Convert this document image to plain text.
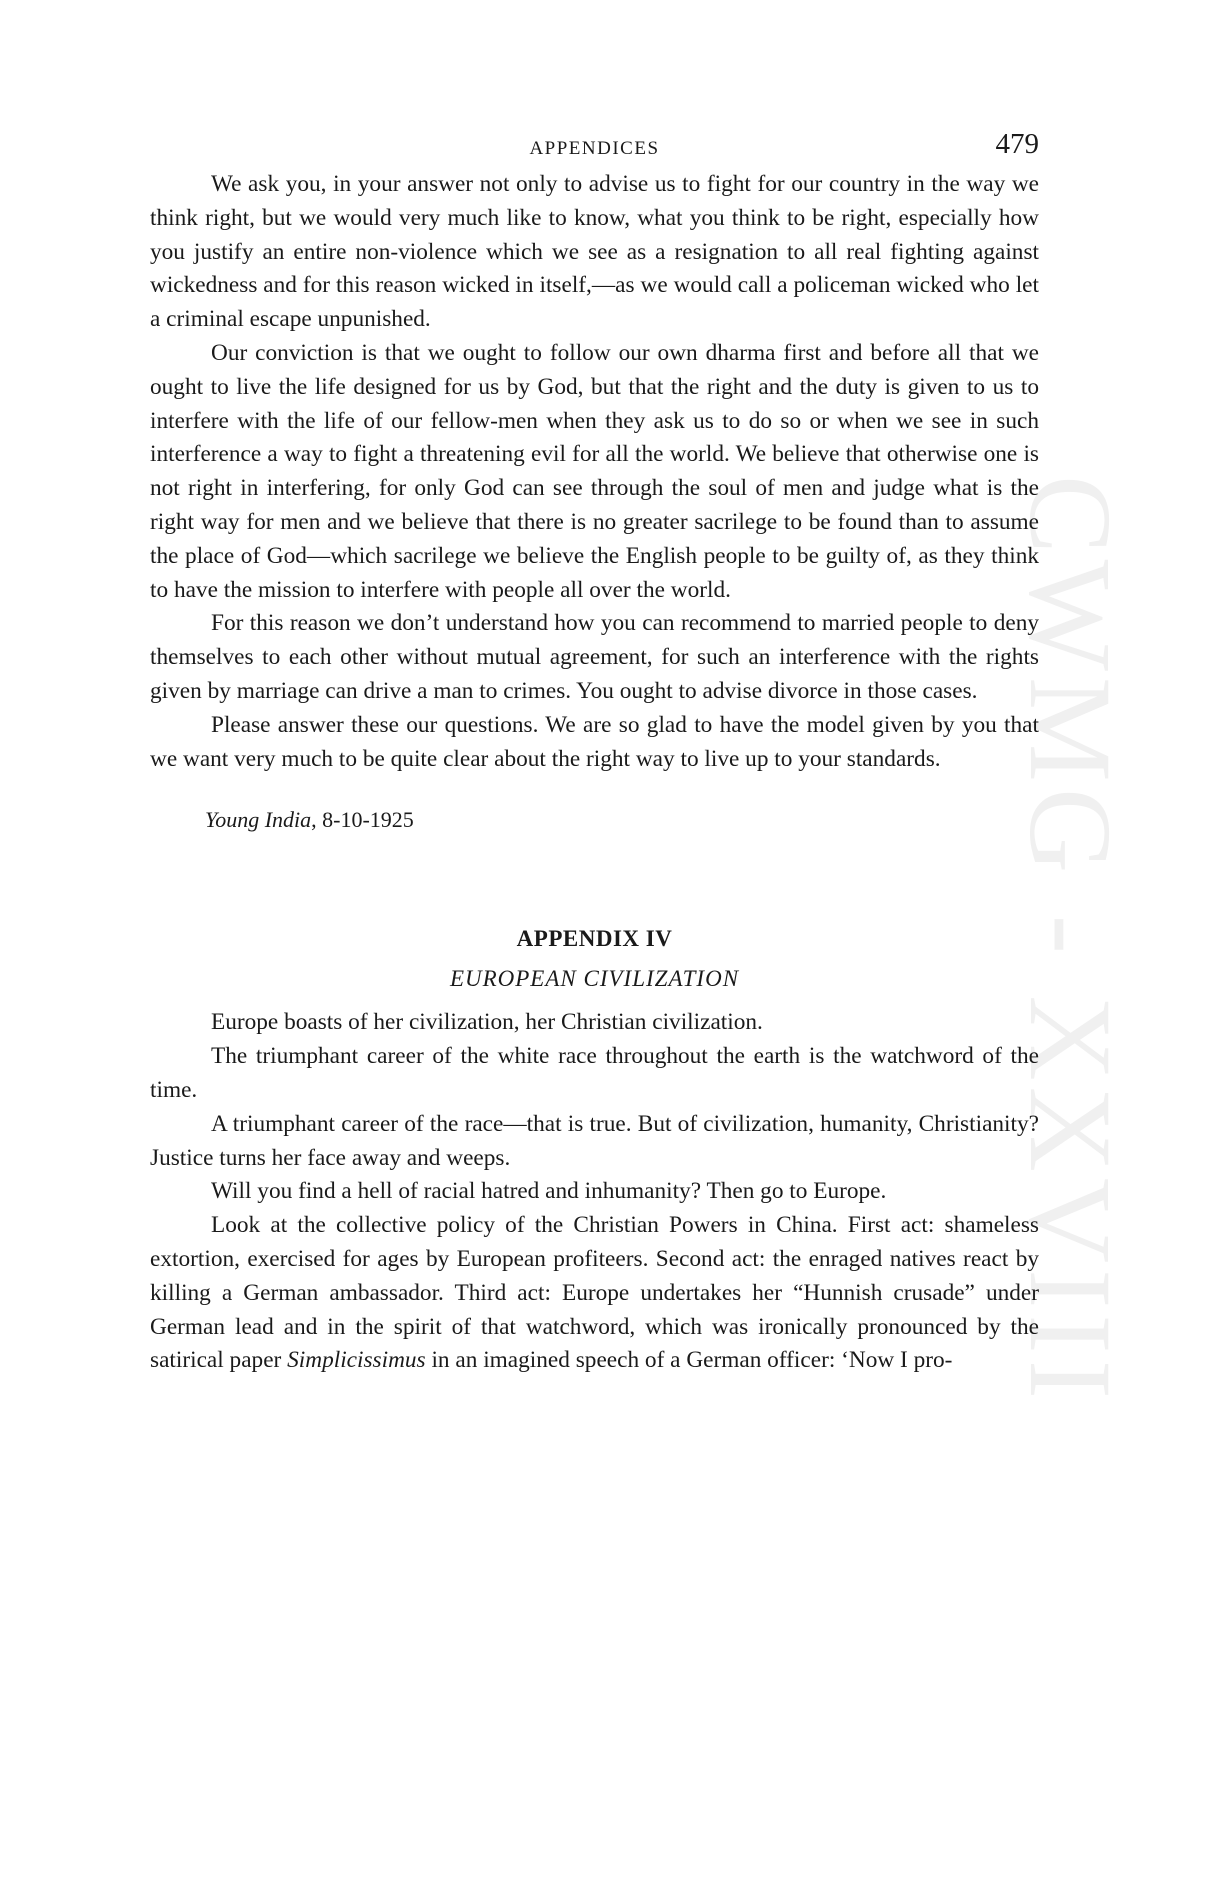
CWMG - XXVIII
APPENDICES	479

We ask you, in your answer not only to advise us to fight for our country in the way we think right, but we would very much like to know, what you think to be right, especially how you justify an entire non-violence which we see as a resignation to all real fighting against wickedness and for this reason wicked in itself,—as we would call a policeman wicked who let a criminal escape unpunished.

Our conviction is that we ought to follow our own dharma first and before all that we ought to live the life designed for us by God, but that the right and the duty is given to us to interfere with the life of our fellow-men when they ask us to do so or when we see in such interference a way to fight a threatening evil for all the world. We believe that otherwise one is not right in interfering, for only God can see through the soul of men and judge what is the right way for men and we believe that there is no greater sacrilege to be found than to assume the place of God—which sacrilege we believe the English people to be guilty of, as they think to have the mission to interfere with people all over the world.

For this reason we don’t understand how you can recommend to married people to deny themselves to each other without mutual agreement, for such an interference with the rights given by marriage can drive a man to crimes. You ought to advise divorce in those cases.

Please answer these our questions. We are so glad to have the model given by you that we want very much to be quite clear about the right way to live up to your standards.

Young India, 8-10-1925
APPENDIX IV
EUROPEAN CIVILIZATION

Europe boasts of her civilization, her Christian civilization.

The triumphant career of the white race throughout the earth is the watchword of the time.

A triumphant career of the race—that is true. But of civilization, humanity, Christianity? Justice turns her face away and weeps.

Will you find a hell of racial hatred and inhumanity? Then go to Europe.

Look at the collective policy of the Christian Powers in China. First act: shameless extortion, exercised for ages by European profiteers. Second act: the enraged natives react by killing a German ambassador. Third act: Europe undertakes her “Hunnish crusade” under German lead and in the spirit of that watchword, which was ironically pronounced by the satirical paper Simplicissimus in an imagined speech of a German officer: ‘Now I pro-
